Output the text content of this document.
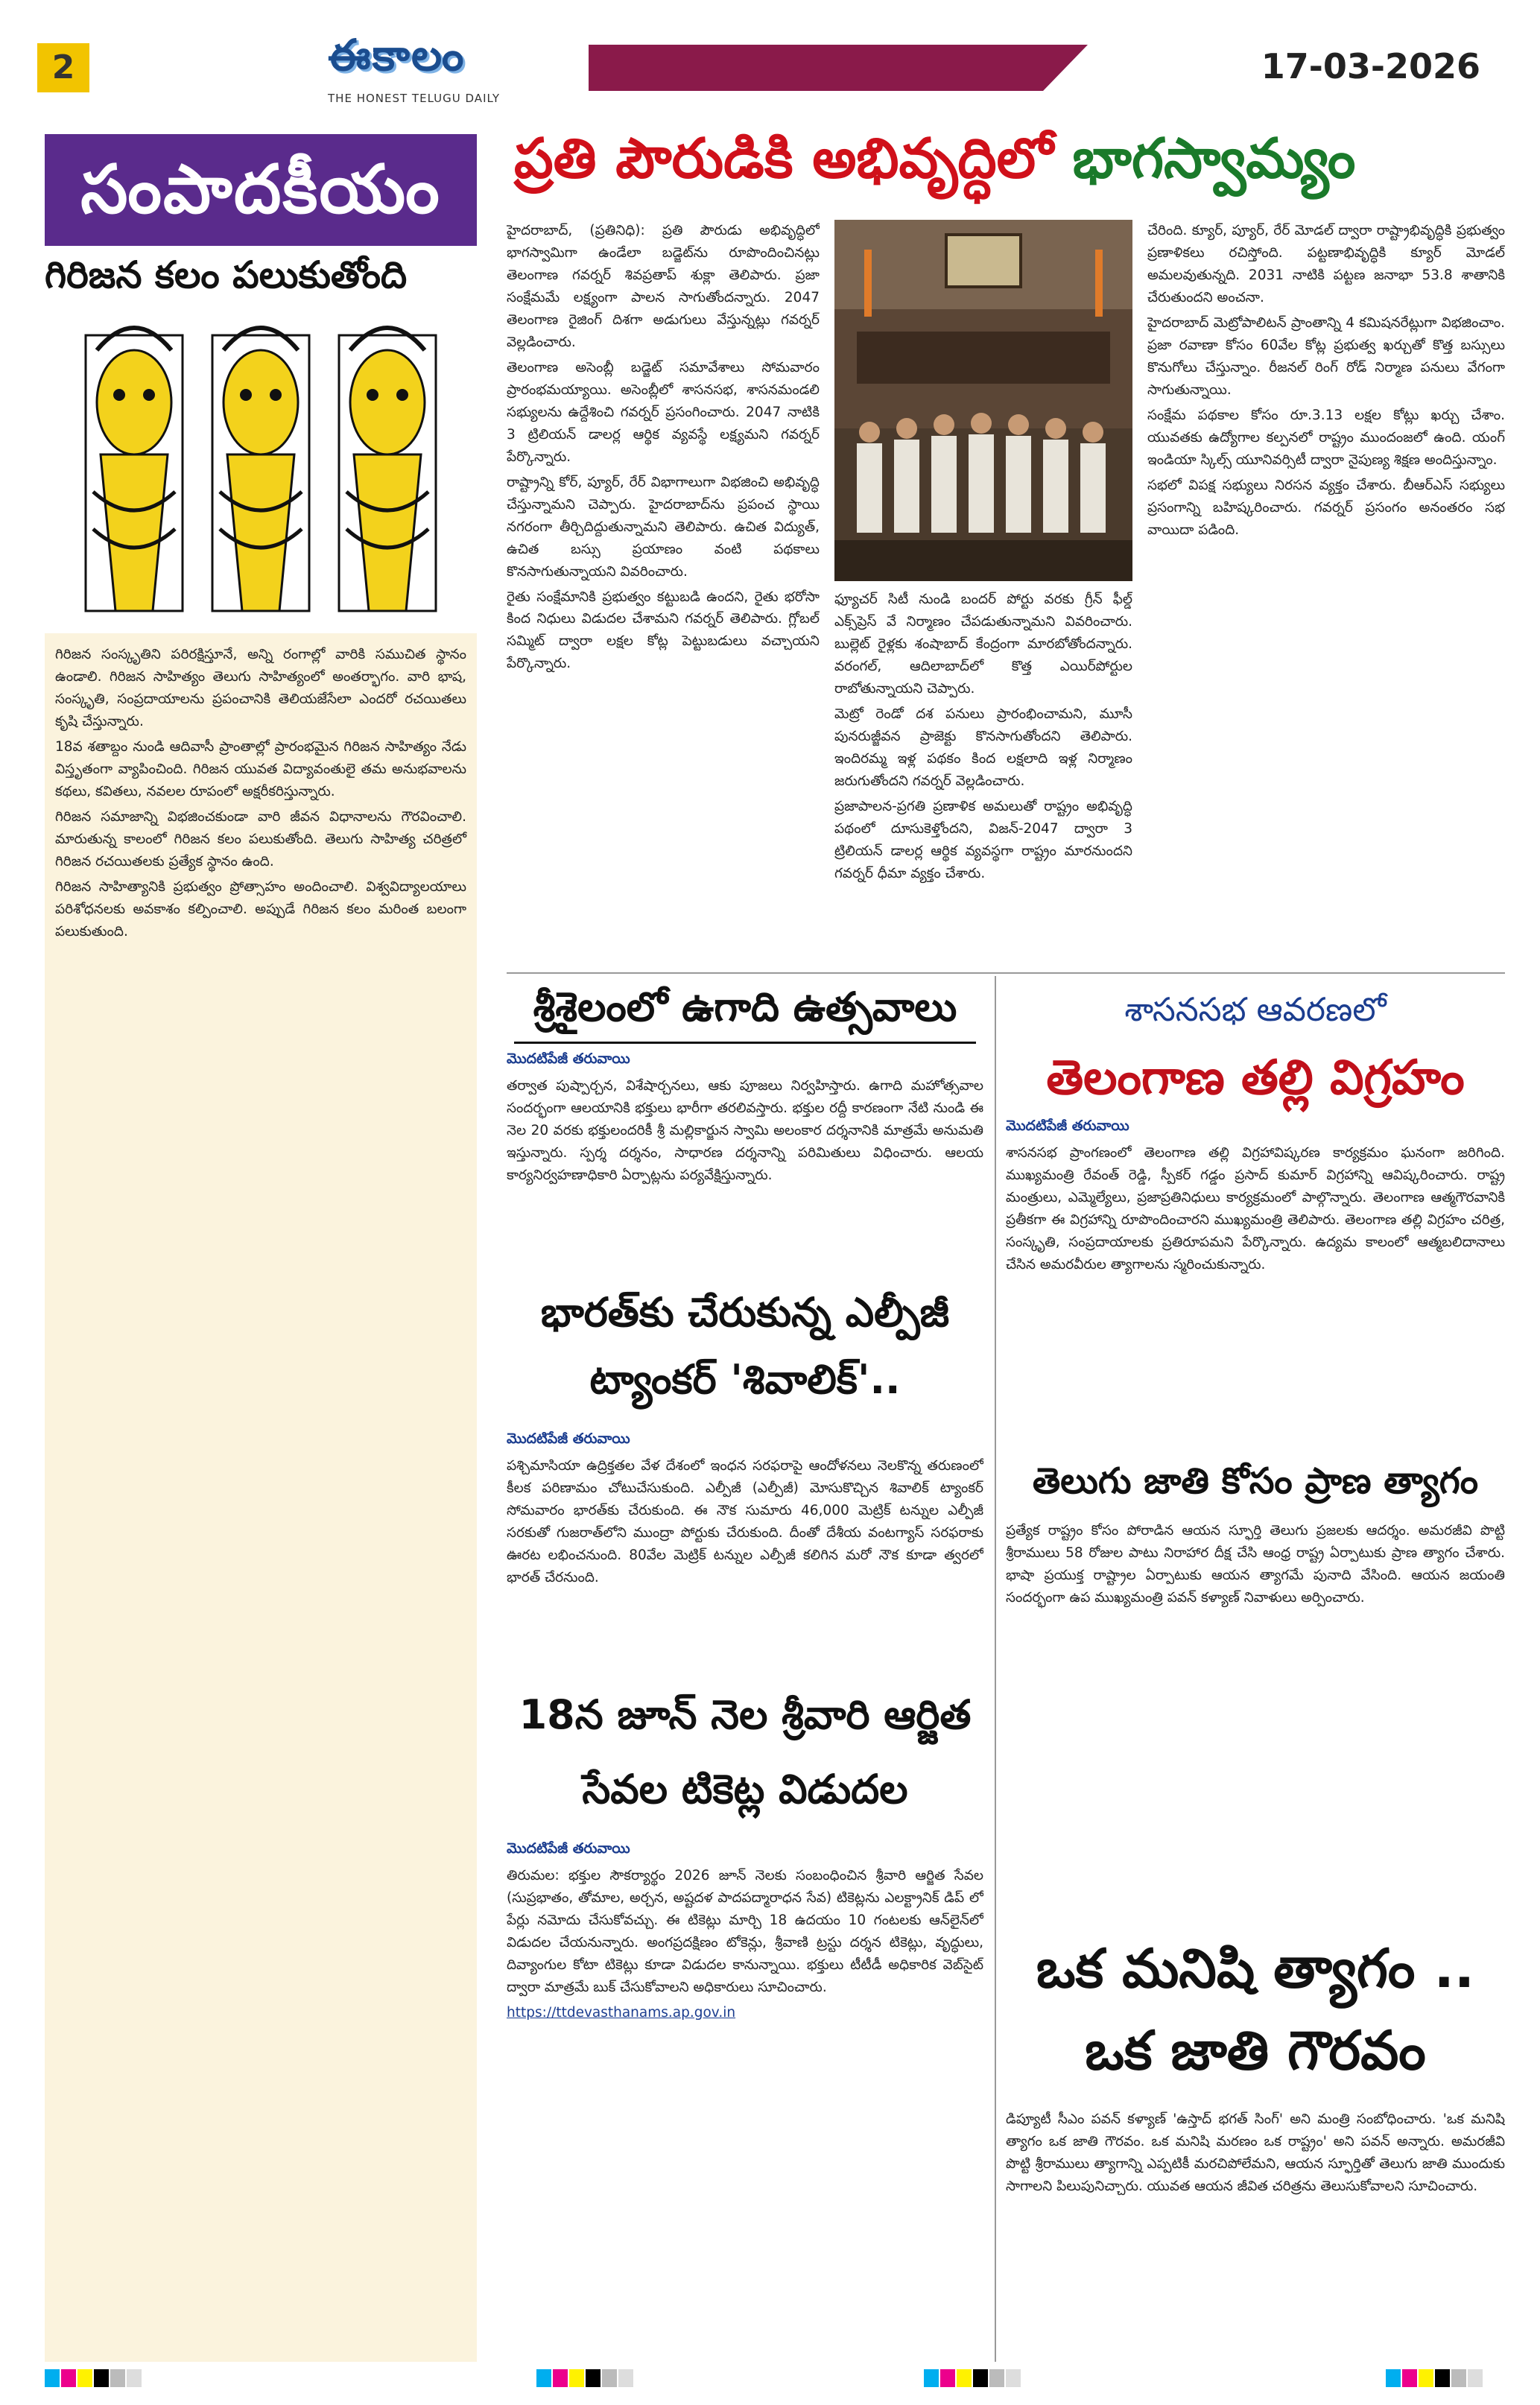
2	ఈకాలం
THE HONEST TELUGU DAILY
17-03-2026
సంపాదకీయం
గిరిజన కలం పలుకుతోంది

గిరిజన సంస్కృతిని పరిరక్షిస్తూనే, అన్ని రంగాల్లో వారికి సముచిత స్థానం ఉండాలి. గిరిజన సాహిత్యం తెలుగు సాహిత్యంలో అంతర్భాగం. వారి భాష, సంస్కృతి, సంప్రదాయాలను ప్రపంచానికి తెలియజేసేలా ఎందరో రచయితలు కృషి చేస్తున్నారు.

18వ శతాబ్దం నుండి ఆదివాసీ ప్రాంతాల్లో ప్రారంభమైన గిరిజన సాహిత్యం నేడు విస్తృతంగా వ్యాపించింది. గిరిజన యువత విద్యావంతులై తమ అనుభవాలను కథలు, కవితలు, నవలల రూపంలో అక్షరీకరిస్తున్నారు.

గిరిజన సమాజాన్ని విభజించకుండా వారి జీవన విధానాలను గౌరవించాలి. మారుతున్న కాలంలో గిరిజన కలం పలుకుతోంది. తెలుగు సాహిత్య చరిత్రలో గిరిజన రచయితలకు ప్రత్యేక స్థానం ఉంది.

గిరిజన సాహిత్యానికి ప్రభుత్వం ప్రోత్సాహం అందించాలి. విశ్వవిద్యాలయాలు పరిశోధనలకు అవకాశం కల్పించాలి. అప్పుడే గిరిజన కలం మరింత బలంగా పలుకుతుంది.

ప్రతి పౌరుడికి అభివృద్ధిలో భాగస్వామ్యం

హైదరాబాద్, (ప్రతినిధి): ప్రతి పౌరుడు అభివృద్ధిలో భాగస్వామిగా ఉండేలా బడ్జెట్‌ను రూపొందించినట్లు తెలంగాణ గవర్నర్ శివప్రతాప్ శుక్లా తెలిపారు. ప్రజా సంక్షేమమే లక్ష్యంగా పాలన సాగుతోందన్నారు. 2047 తెలంగాణ రైజింగ్ దిశగా అడుగులు వేస్తున్నట్లు గవర్నర్ వెల్లడించారు.

తెలంగాణ అసెంబ్లీ బడ్జెట్ సమావేశాలు సోమవారం ప్రారంభమయ్యాయి. అసెంబ్లీలో శాసనసభ, శాసనమండలి సభ్యులను ఉద్దేశించి గవర్నర్ ప్రసంగించారు. 2047 నాటికి 3 ట్రిలియన్ డాలర్ల ఆర్థిక వ్యవస్థే లక్ష్యమని గవర్నర్ పేర్కొన్నారు.

రాష్ట్రాన్ని కోర్, ప్యూర్, రేర్ విభాగాలుగా విభజించి అభివృద్ధి చేస్తున్నామని చెప్పారు. హైదరాబాద్‌ను ప్రపంచ స్థాయి నగరంగా తీర్చిదిద్దుతున్నామని తెలిపారు. ఉచిత విద్యుత్, ఉచిత బస్సు ప్రయాణం వంటి పథకాలు కొనసాగుతున్నాయని వివరించారు.

రైతు సంక్షేమానికి ప్రభుత్వం కట్టుబడి ఉందని, రైతు భరోసా కింద నిధులు విడుదల చేశామని గవర్నర్ తెలిపారు. గ్లోబల్ సమ్మిట్ ద్వారా లక్షల కోట్ల పెట్టుబడులు వచ్చాయని పేర్కొన్నారు.

ఫ్యూచర్ సిటీ నుండి బందర్ పోర్టు వరకు గ్రీన్ ఫీల్డ్ ఎక్స్‌ప్రెస్ వే నిర్మాణం చేపడుతున్నామని వివరించారు. బుల్లెట్ రైళ్లకు శంషాబాద్ కేంద్రంగా మారబోతోందన్నారు. వరంగల్, ఆదిలాబాద్‌లో కొత్త ఎయిర్‌పోర్టుల రాబోతున్నాయని చెప్పారు.

మెట్రో రెండో దశ పనులు ప్రారంభించామని, మూసీ పునరుజ్జీవన ప్రాజెక్టు కొనసాగుతోందని తెలిపారు. ఇందిరమ్మ ఇళ్ల పథకం కింద లక్షలాది ఇళ్ల నిర్మాణం జరుగుతోందని గవర్నర్ వెల్లడించారు.

ప్రజాపాలన-ప్రగతి ప్రణాళిక అమలుతో రాష్ట్రం అభివృద్ధి పథంలో దూసుకెళ్తోందని, విజన్-2047 ద్వారా 3 ట్రిలియన్ డాలర్ల ఆర్థిక వ్యవస్థగా రాష్ట్రం మారనుందని గవర్నర్ ధీమా వ్యక్తం చేశారు.

చేరింది. క్యూర్, ప్యూర్, రేర్ మోడల్ ద్వారా రాష్ట్రాభివృద్ధికి ప్రభుత్వం ప్రణాళికలు రచిస్తోంది. పట్టణాభివృద్ధికి క్యూర్ మోడల్ అమలవుతున్నది. 2031 నాటికి పట్టణ జనాభా 53.8 శాతానికి చేరుతుందని అంచనా.

హైదరాబాద్ మెట్రోపాలిటన్ ప్రాంతాన్ని 4 కమిషనరేట్లుగా విభజించాం. ప్రజా రవాణా కోసం 60వేల కోట్ల ప్రభుత్వ ఖర్చుతో కొత్త బస్సులు కొనుగోలు చేస్తున్నాం. రీజనల్ రింగ్ రోడ్ నిర్మాణ పనులు వేగంగా సాగుతున్నాయి.

సంక్షేమ పథకాల కోసం రూ.3.13 లక్షల కోట్లు ఖర్చు చేశాం. యువతకు ఉద్యోగాల కల్పనలో రాష్ట్రం ముందంజలో ఉంది. యంగ్ ఇండియా స్కిల్స్ యూనివర్సిటీ ద్వారా నైపుణ్య శిక్షణ అందిస్తున్నాం.

సభలో విపక్ష సభ్యులు నిరసన వ్యక్తం చేశారు. బీఆర్ఎస్ సభ్యులు ప్రసంగాన్ని బహిష్కరించారు. గవర్నర్ ప్రసంగం అనంతరం సభ వాయిదా పడింది.

శ్రీశైలంలో ఉగాది ఉత్సవాలు
మొదటిపేజీ తరువాయి

తర్వాత పుష్పార్చన, విశేషార్చనలు, ఆకు పూజలు నిర్వహిస్తారు. ఉగాది మహోత్సవాల సందర్భంగా ఆలయానికి భక్తులు భారీగా తరలివస్తారు. భక్తుల రద్దీ కారణంగా నేటి నుండి ఈ నెల 20 వరకు భక్తులందరికీ శ్రీ మల్లికార్జున స్వామి అలంకార దర్శనానికి మాత్రమే అనుమతి ఇస్తున్నారు. స్పర్శ దర్శనం, సాధారణ దర్శనాన్ని పరిమితులు విధించారు. ఆలయ కార్యనిర్వహణాధికారి ఏర్పాట్లను పర్యవేక్షిస్తున్నారు.

భారత్‌కు చేరుకున్న ఎల్పీజీ
ట్యాంకర్ 'శివాలిక్'..
మొదటిపేజీ తరువాయి

పశ్చిమాసియా ఉద్రిక్తతల వేళ దేశంలో ఇంధన సరఫరాపై ఆందోళనలు నెలకొన్న తరుణంలో కీలక పరిణామం చోటుచేసుకుంది. ఎల్పీజీ (ఎల్పీజీ) మోసుకొచ్చిన శివాలిక్ ట్యాంకర్ సోమవారం భారత్‌కు చేరుకుంది. ఈ నౌక సుమారు 46,000 మెట్రిక్ టన్నుల ఎల్పీజీ సరకుతో గుజరాత్‌లోని ముంద్రా పోర్టుకు చేరుకుంది. దీంతో దేశీయ వంటగ్యాస్ సరఫరాకు ఊరట లభించనుంది. 80వేల మెట్రిక్ టన్నుల ఎల్పీజీ కలిగిన మరో నౌక కూడా త్వరలో భారత్ చేరనుంది.

18న జూన్ నెల శ్రీవారి ఆర్జిత
సేవల టికెట్ల విడుదల
మొదటిపేజీ తరువాయి

తిరుమల: భక్తుల సౌకర్యార్థం 2026 జూన్ నెలకు సంబంధించిన శ్రీవారి ఆర్జిత సేవల (సుప్రభాతం, తోమాల, అర్చన, అష్టదళ పాదపద్మారాధన సేవ) టికెట్లను ఎలక్ట్రానిక్ డిప్ లో పేర్లు నమోదు చేసుకోవచ్చు. ఈ టికెట్లు మార్చి 18 ఉదయం 10 గంటలకు ఆన్‌లైన్‌లో విడుదల చేయనున్నారు. అంగప్రదక్షిణం టోకెన్లు, శ్రీవాణి ట్రస్టు దర్శన టికెట్లు, వృద్ధులు, దివ్యాంగుల కోటా టికెట్లు కూడా విడుదల కానున్నాయి. భక్తులు టీటీడీ అధికారిక వెబ్‌సైట్ ద్వారా మాత్రమే బుక్ చేసుకోవాలని అధికారులు సూచించారు.

https://ttdevasthanams.ap.gov.in

శాసనసభ ఆవరణలో
తెలంగాణ తల్లి విగ్రహం
మొదటిపేజీ తరువాయి

శాసనసభ ప్రాంగణంలో తెలంగాణ తల్లి విగ్రహావిష్కరణ కార్యక్రమం ఘనంగా జరిగింది. ముఖ్యమంత్రి రేవంత్ రెడ్డి, స్పీకర్ గడ్డం ప్రసాద్ కుమార్ విగ్రహాన్ని ఆవిష్కరించారు. రాష్ట్ర మంత్రులు, ఎమ్మెల్యేలు, ప్రజాప్రతినిధులు కార్యక్రమంలో పాల్గొన్నారు. తెలంగాణ ఆత్మగౌరవానికి ప్రతీకగా ఈ విగ్రహాన్ని రూపొందించారని ముఖ్యమంత్రి తెలిపారు. తెలంగాణ తల్లి విగ్రహం చరిత్ర, సంస్కృతి, సంప్రదాయాలకు ప్రతిరూపమని పేర్కొన్నారు. ఉద్యమ కాలంలో ఆత్మబలిదానాలు చేసిన అమరవీరుల త్యాగాలను స్మరించుకున్నారు.

తెలుగు జాతి కోసం ప్రాణ త్యాగం

ప్రత్యేక రాష్ట్రం కోసం పోరాడిన ఆయన స్ఫూర్తి తెలుగు ప్రజలకు ఆదర్శం. అమరజీవి పొట్టి శ్రీరాములు 58 రోజుల పాటు నిరాహార దీక్ష చేసి ఆంధ్ర రాష్ట్ర ఏర్పాటుకు ప్రాణ త్యాగం చేశారు. భాషా ప్రయుక్త రాష్ట్రాల ఏర్పాటుకు ఆయన త్యాగమే పునాది వేసింది. ఆయన జయంతి సందర్భంగా ఉప ముఖ్యమంత్రి పవన్ కళ్యాణ్ నివాళులు అర్పించారు.

ఒక మనిషి త్యాగం ..
ఒక జాతి గౌరవం

డిప్యూటీ సీఎం పవన్ కళ్యాణ్ 'ఉస్తాద్ భగత్ సింగ్' అని మంత్రి సంబోధించారు. 'ఒక మనిషి త్యాగం ఒక జాతి గౌరవం. ఒక మనిషి మరణం ఒక రాష్ట్రం' అని పవన్ అన్నారు. అమరజీవి పొట్టి శ్రీరాములు త్యాగాన్ని ఎప్పటికీ మరచిపోలేమని, ఆయన స్ఫూర్తితో తెలుగు జాతి ముందుకు సాగాలని పిలుపునిచ్చారు. యువత ఆయన జీవిత చరిత్రను తెలుసుకోవాలని సూచించారు.
